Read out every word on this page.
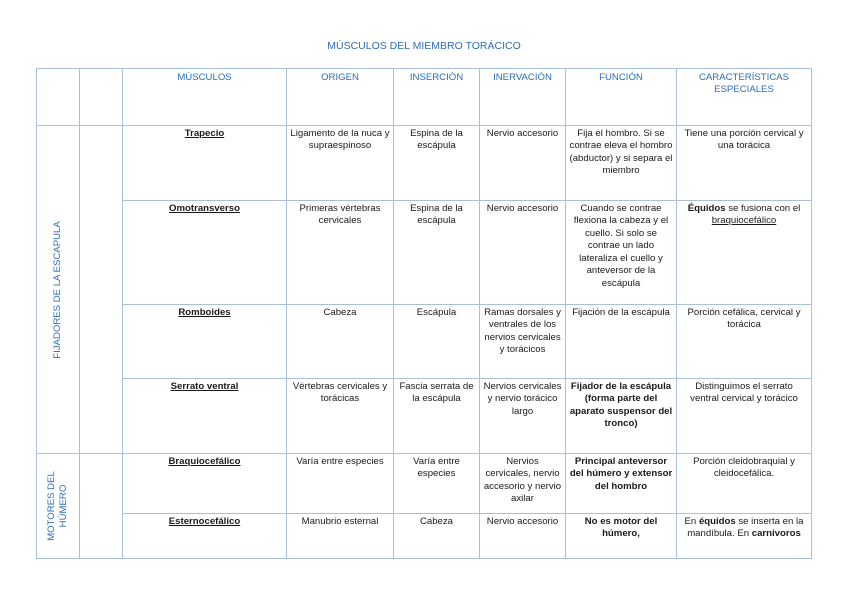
MÚSCULOS DEL MIEMBRO TORÁCICO
		MÚSCULOS	ORIGEN	INSERCIÓN	INERVACIÓN	FUNCIÓN	CARACTERÍSTICAS ESPECIALES

FIJADORES DE LA ESCAPULA		Trapecio	Ligamento de la nuca y supraespinoso	Espina de la escápula	Nervio accesorio	Fija el hombro. Si se contrae eleva el hombro (abductor) y si separa el miembro	Tiene una porción cervical y una torácica
		Omotransverso	Primeras vértebras cervicales	Espina de la escápula	Nervio accesorio	Cuando se contrae flexiona la cabeza y el cuello. Si solo se contrae un lado lateraliza el cuello y anteversor de la escápula	Équidos se fusiona con el braquiocefálico
		Romboides	Cabeza	Escápula	Ramas dorsales y ventrales de los nervios cervicales y torácicos	Fijación de la escápula	Porción cefálica, cervical y torácica
		Serrato ventral	Vértebras cervicales y torácicas	Fascia serrata de la escápula	Nervios cervicales y nervio torácico largo	Fijador de la escápula (forma parte del aparato suspensor del tronco)	Distinguimos el serrato ventral cervical y torácico

MOTORES DEL
HÚMERO		Braquiocefálico	Varía entre especies	Varía entre especies	Nervios cervicales, nervio accesorio y nervio axilar	Principal anteversor del húmero y extensor del hombro	Porción cleidobraquial y cleidocefálica.
		Esternocefálico	Manubrio esternal	Cabeza	Nervio accesorio	No es motor del húmero,	En équidos se inserta en la mandíbula. En carnívoros
